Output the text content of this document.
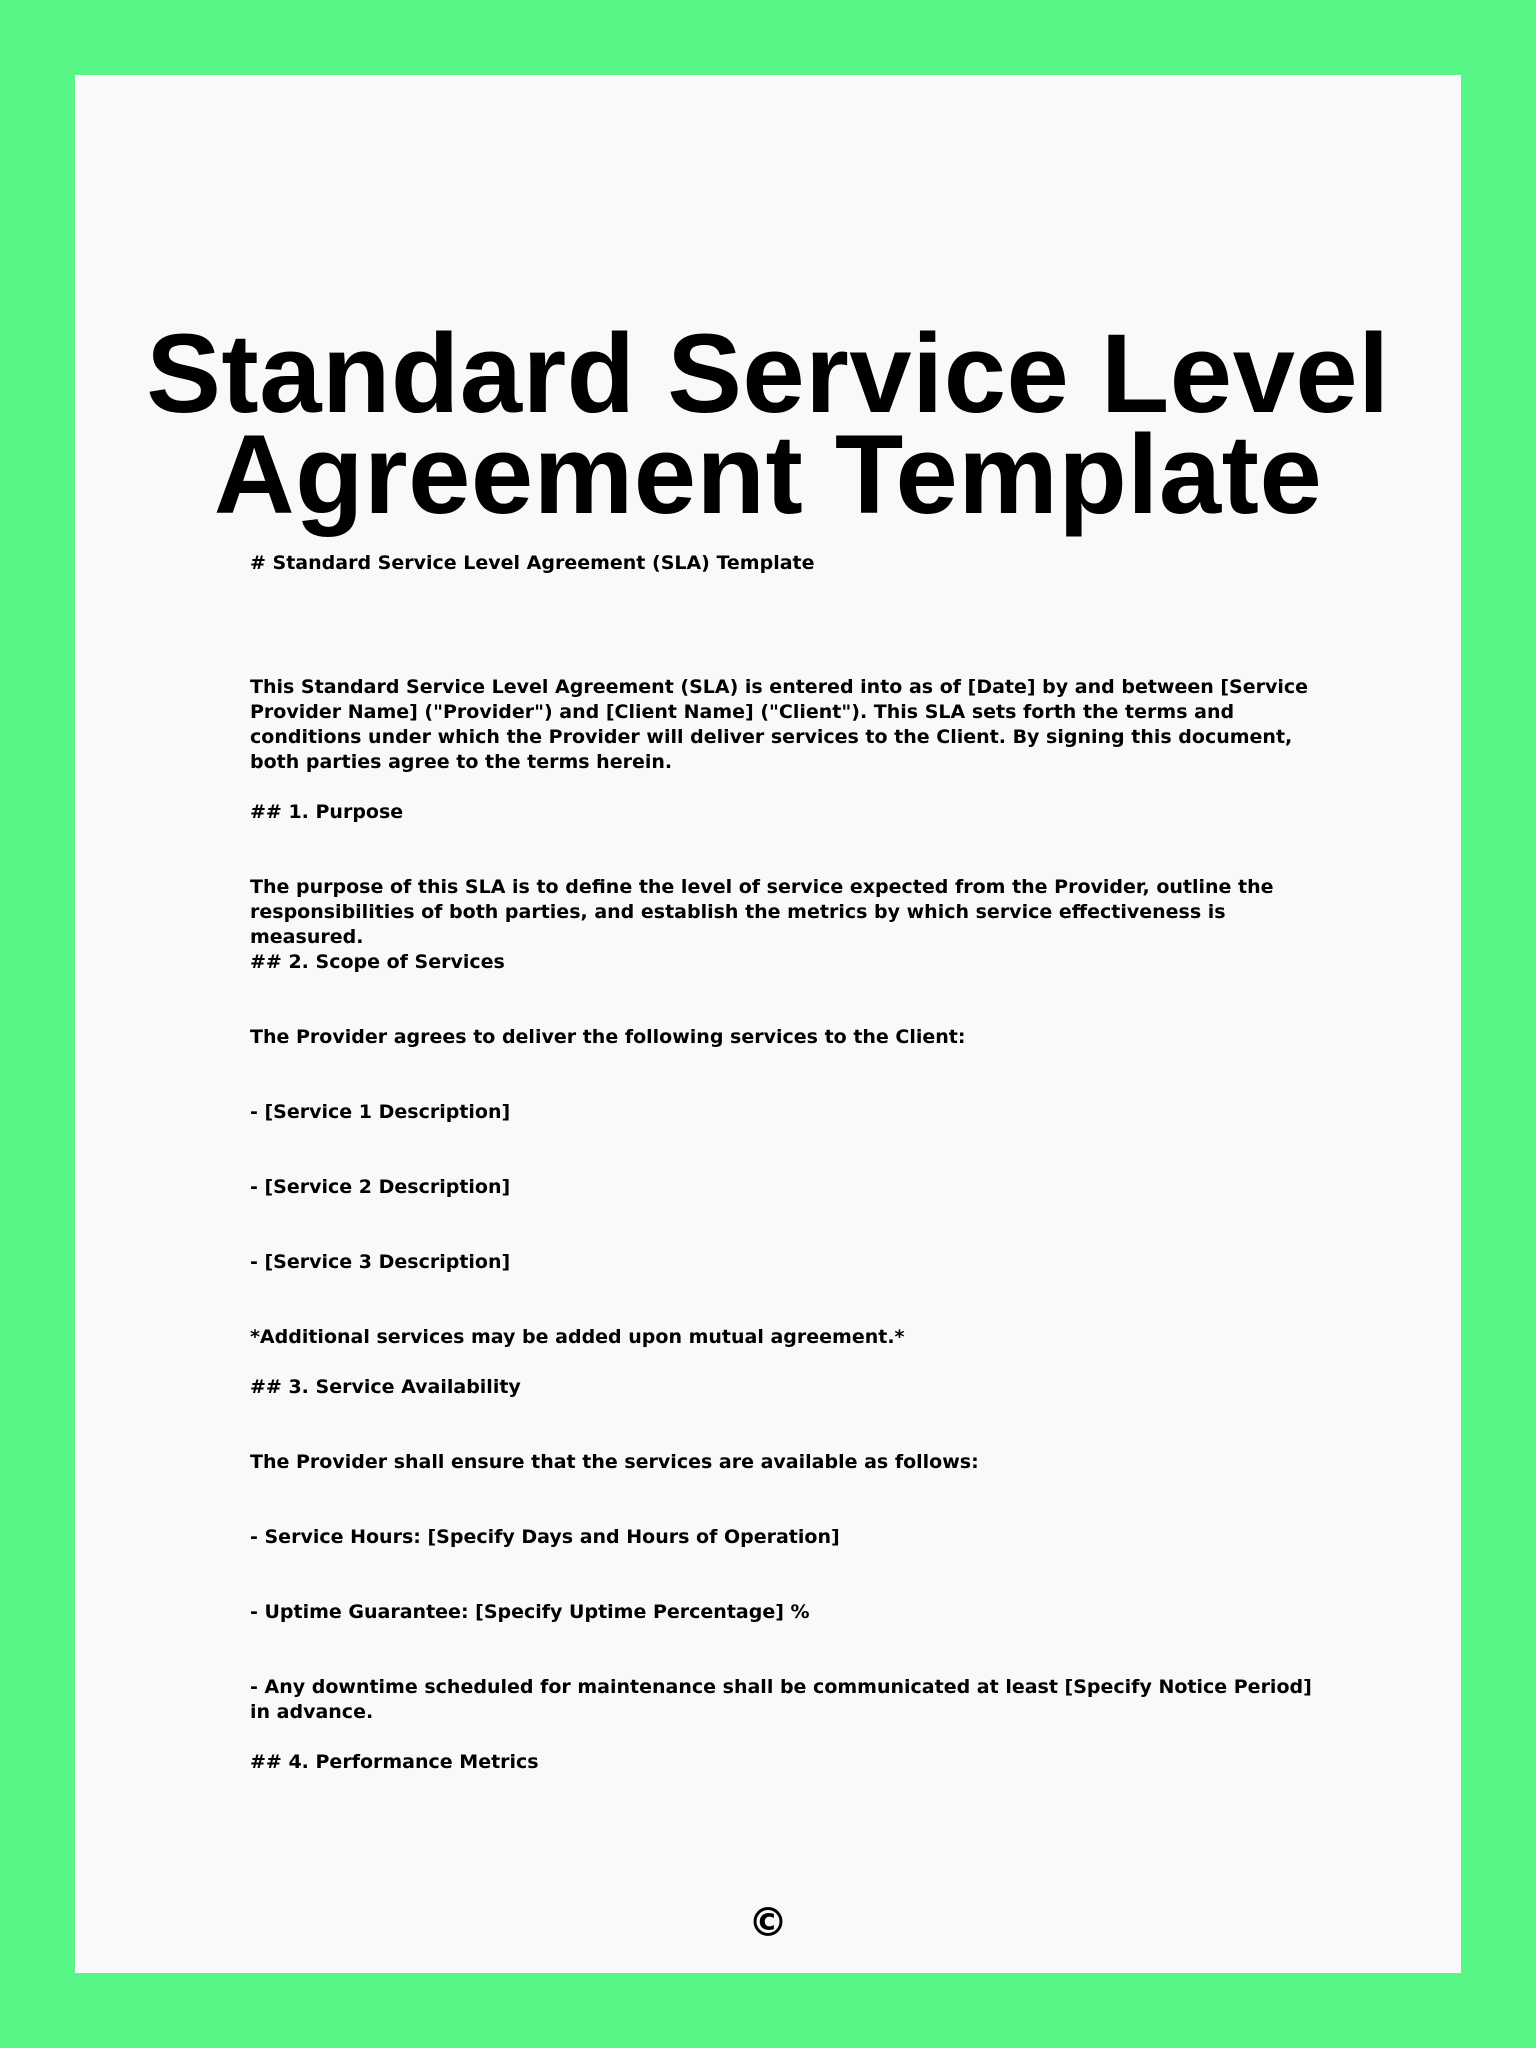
Standard Service Level Agreement Template

# Standard Service Level Agreement (SLA) Template

This Standard Service Level Agreement (SLA) is entered into as of [Date] by and between [Service Provider Name] ("Provider") and [Client Name] ("Client"). This SLA sets forth the terms and conditions under which the Provider will deliver services to the Client. By signing this document, both parties agree to the terms herein.

## 1. Purpose

The purpose of this SLA is to define the level of service expected from the Provider, outline the responsibilities of both parties, and establish the metrics by which service effectiveness is measured.

## 2. Scope of Services

The Provider agrees to deliver the following services to the Client:

- [Service 1 Description]

- [Service 2 Description]

- [Service 3 Description]

*Additional services may be added upon mutual agreement.*

## 3. Service Availability

The Provider shall ensure that the services are available as follows:

- Service Hours: [Specify Days and Hours of Operation]

- Uptime Guarantee: [Specify Uptime Percentage] %

- Any downtime scheduled for maintenance shall be communicated at least [Specify Notice Period] in advance.

## 4. Performance Metrics

©
